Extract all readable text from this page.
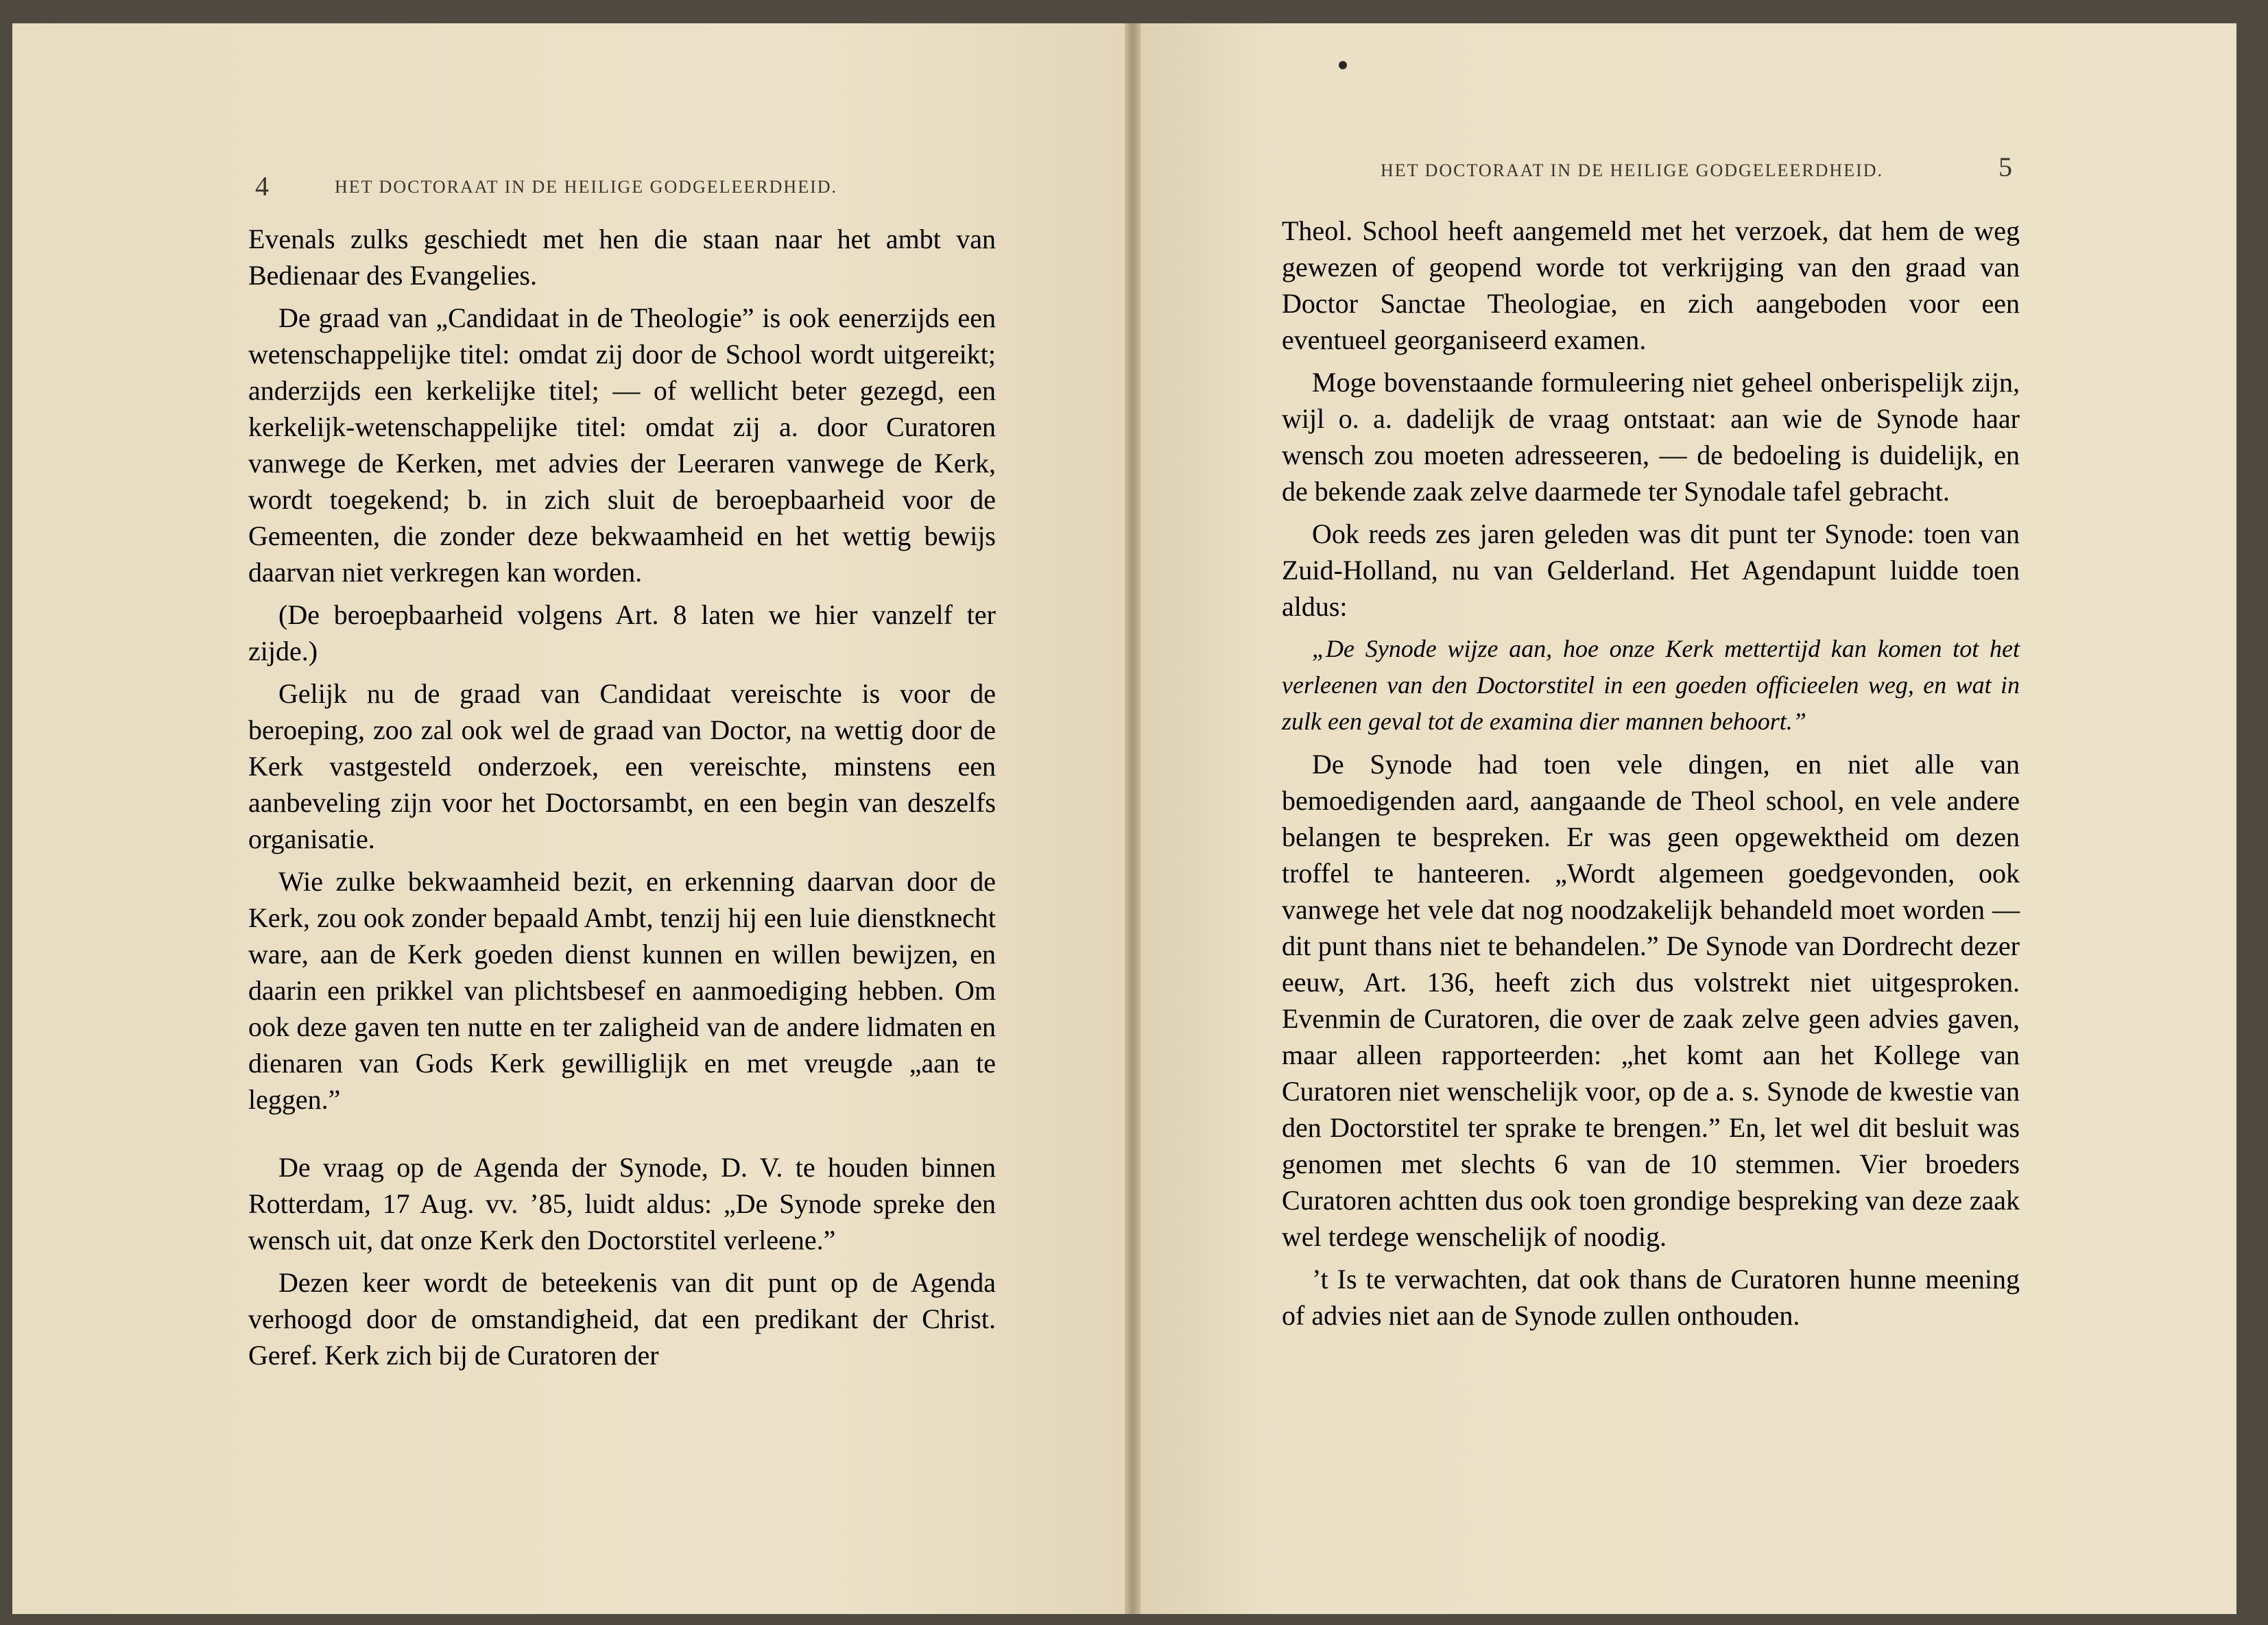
4	HET DOCTORAAT IN DE HEILIGE GODGELEERDHEID.
HET DOCTORAAT IN DE HEILIGE GODGELEERDHEID.	5

Evenals zulks geschiedt met hen die staan naar het ambt van Bedienaar des Evangelies.

De graad van „Candidaat in de Theologie” is ook eenerzijds een wetenschappelijke titel: omdat zij door de School wordt uitgereikt; anderzijds een kerkelijke titel; — of wellicht beter gezegd, een kerkelijk-wetenschappelijke titel: omdat zij a. door Curatoren vanwege de Kerken, met advies der Leeraren vanwege de Kerk, wordt toegekend; b. in zich sluit de beroepbaarheid voor de Gemeenten, die zonder deze bekwaamheid en het wettig bewijs daarvan niet verkregen kan worden.

(De beroepbaarheid volgens Art. 8 laten we hier vanzelf ter zijde.)

Gelijk nu de graad van Candidaat vereischte is voor de beroeping, zoo zal ook wel de graad van Doctor, na wettig door de Kerk vastgesteld onderzoek, een vereischte, minstens een aanbeveling zijn voor het Doctorsambt, en een begin van deszelfs organisatie.

Wie zulke bekwaamheid bezit, en erkenning daarvan door de Kerk, zou ook zonder bepaald Ambt, tenzij hij een luie dienstknecht ware, aan de Kerk goeden dienst kunnen en willen bewijzen, en daarin een prikkel van plichtsbesef en aanmoediging hebben. Om ook deze gaven ten nutte en ter zaligheid van de andere lidmaten en dienaren van Gods Kerk gewilliglijk en met vreugde „aan te leggen.”

De vraag op de Agenda der Synode, D. V. te houden binnen Rotterdam, 17 Aug. vv. ’85, luidt aldus: „De Synode spreke den wensch uit, dat onze Kerk den Doctorstitel verleene.”

Dezen keer wordt de beteekenis van dit punt op de Agenda verhoogd door de omstandigheid, dat een predikant der Christ. Geref. Kerk zich bij de Curatoren der

Theol. School heeft aangemeld met het verzoek, dat hem de weg gewezen of geopend worde tot verkrijging van den graad van Doctor Sanctae Theologiae, en zich aangeboden voor een eventueel georganiseerd examen.

Moge bovenstaande formuleering niet geheel onberispelijk zijn, wijl o. a. dadelijk de vraag ontstaat: aan wie de Synode haar wensch zou moeten adresseeren, — de bedoeling is duidelijk, en de bekende zaak zelve daarmede ter Synodale tafel gebracht.

Ook reeds zes jaren geleden was dit punt ter Synode: toen van Zuid-Holland, nu van Gelderland. Het Agendapunt luidde toen aldus:

„De Synode wijze aan, hoe onze Kerk mettertijd kan komen tot het verleenen van den Doctorstitel in een goeden officieelen weg, en wat in zulk een geval tot de examina dier mannen behoort.”

De Synode had toen vele dingen, en niet alle van bemoedigenden aard, aangaande de Theol school, en vele andere belangen te bespreken. Er was geen opgewektheid om dezen troffel te hanteeren. „Wordt algemeen goedgevonden, ook vanwege het vele dat nog noodzakelijk behandeld moet worden — dit punt thans niet te behandelen.” De Synode van Dordrecht dezer eeuw, Art. 136, heeft zich dus volstrekt niet uitgesproken. Evenmin de Curatoren, die over de zaak zelve geen advies gaven, maar alleen rapporteerden: „het komt aan het Kollege van Curatoren niet wenschelijk voor, op de a. s. Synode de kwestie van den Doctorstitel ter sprake te brengen.” En, let wel dit besluit was genomen met slechts 6 van de 10 stemmen. Vier broeders Curatoren achtten dus ook toen grondige bespreking van deze zaak wel terdege wenschelijk of noodig.

’t Is te verwachten, dat ook thans de Curatoren hunne meening of advies niet aan de Synode zullen onthouden.
